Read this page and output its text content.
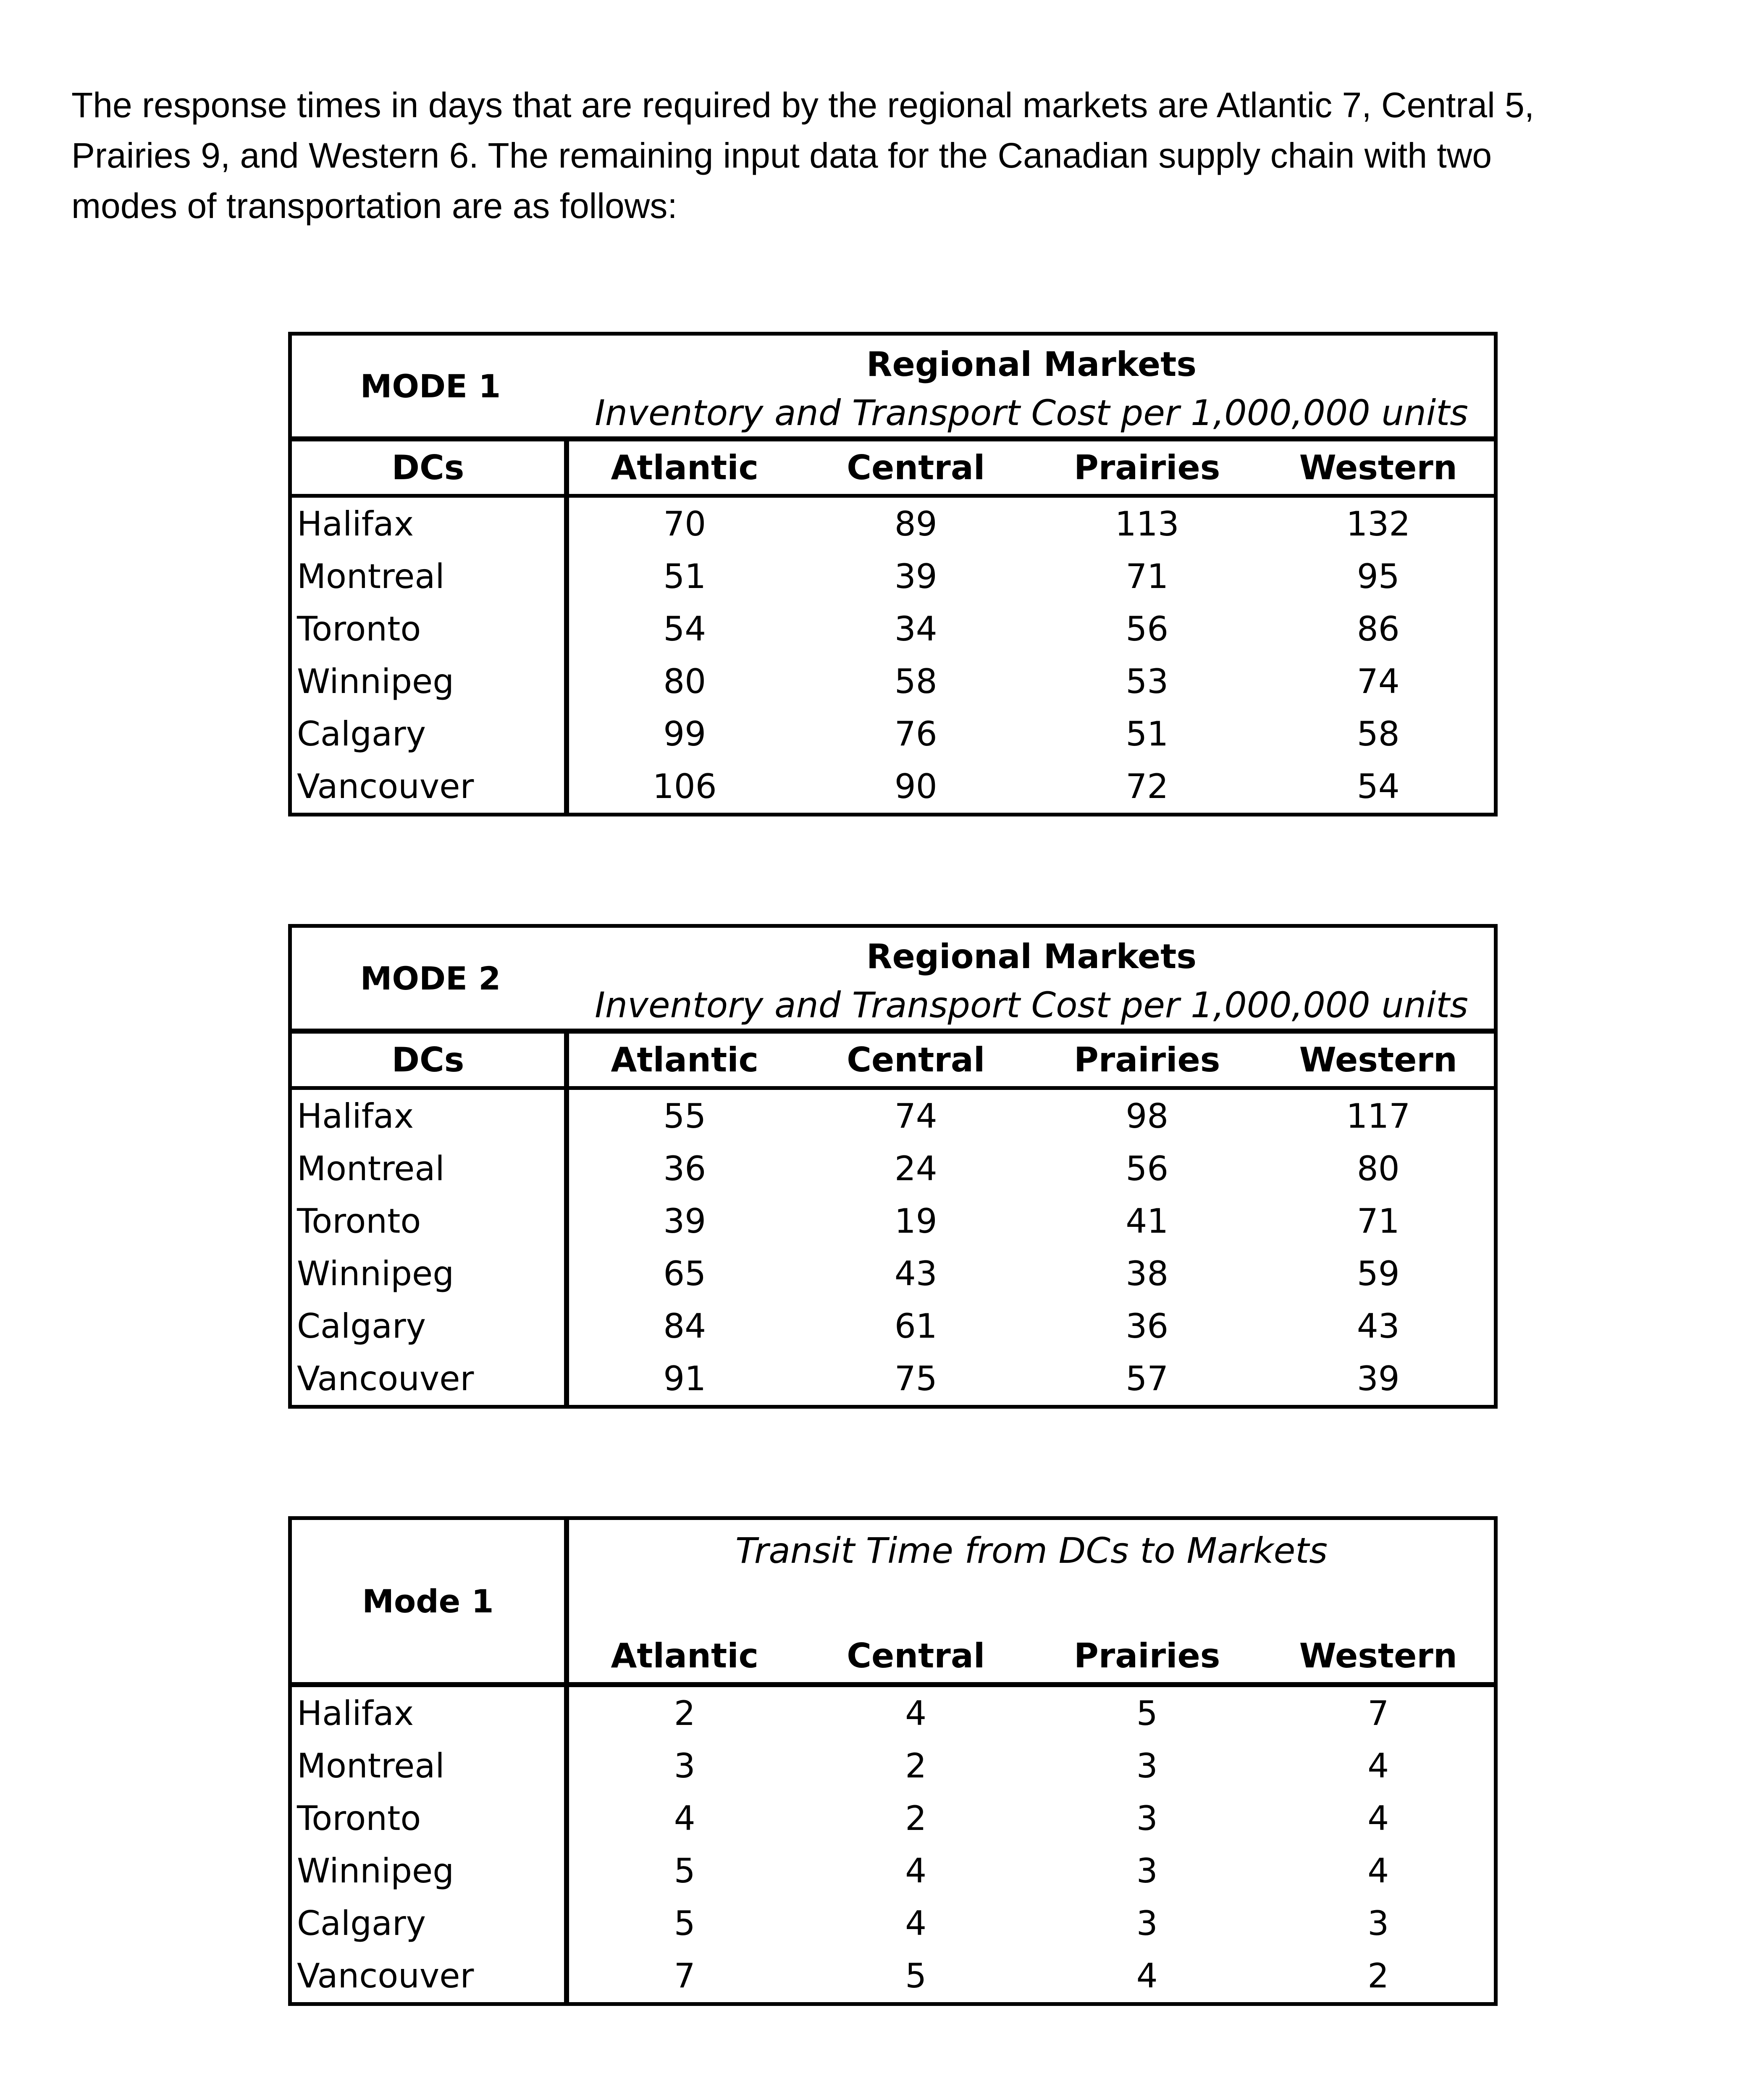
The response times in days that are required by the regional markets are Atlantic 7, Central 5,

Prairies 9, and Western 6. The remaining input data for the Canadian supply chain with two

modes of transportation are as follows:

MODE 1
Regional Markets
Inventory and Transport Cost per 1,000,000 units
DCs	Atlantic	Central	Prairies	Western
Halifax	70	89	113	132
Montreal	51	39	71	95
Toronto	54	34	56	86
Winnipeg	80	58	53	74
Calgary	99	76	51	58
Vancouver	106	90	72	54
MODE 2
Regional Markets
Inventory and Transport Cost per 1,000,000 units
DCs	Atlantic	Central	Prairies	Western
Halifax	55	74	98	117
Montreal	36	24	56	80
Toronto	39	19	41	71
Winnipeg	65	43	38	59
Calgary	84	61	36	43
Vancouver	91	75	57	39
Mode 1
Transit Time from DCs to Markets
Atlantic	Central	Prairies	Western
Halifax	2	4	5	7
Montreal	3	2	3	4
Toronto	4	2	3	4
Winnipeg	5	4	3	4
Calgary	5	4	3	3
Vancouver	7	5	4	2
